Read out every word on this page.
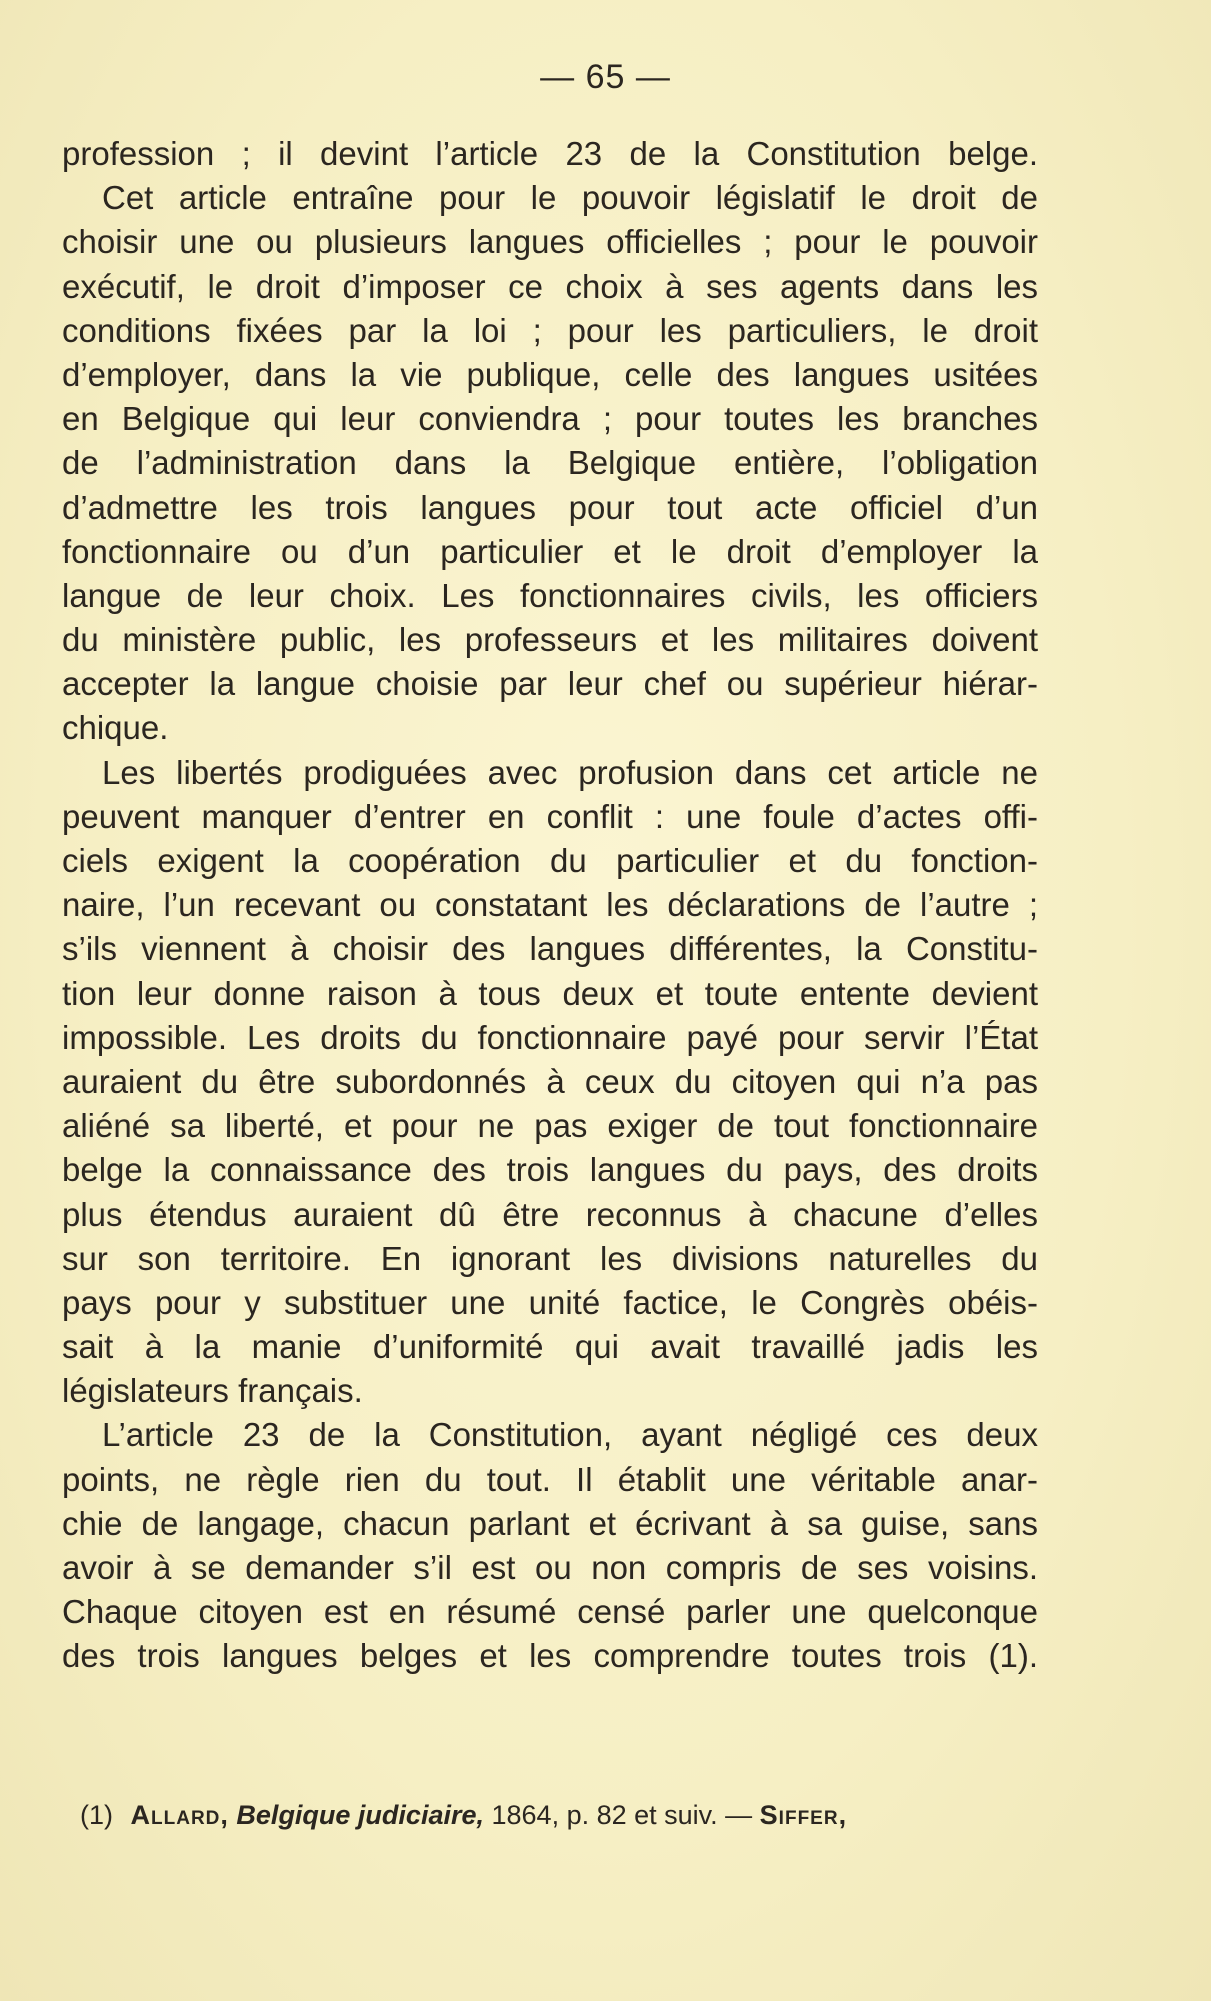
— 65 —
profession ; il devint l’article 23 de la Constitution belge.
Cet article entraîne pour le pouvoir législatif le droit de
choisir une ou plusieurs langues officielles ; pour le pouvoir
exécutif, le droit d’imposer ce choix à ses agents dans les
conditions fixées par la loi ; pour les particuliers, le droit
d’employer, dans la vie publique, celle des langues usitées
en Belgique qui leur conviendra ; pour toutes les branches
de l’administration dans la Belgique entière, l’obligation
d’admettre les trois langues pour tout acte officiel d’un
fonctionnaire ou d’un particulier et le droit d’employer la
langue de leur choix. Les fonctionnaires civils, les officiers
du ministère public, les professeurs et les militaires doivent
accepter la langue choisie par leur chef ou supérieur hiérar-
chique.
Les libertés prodiguées avec profusion dans cet article ne
peuvent manquer d’entrer en conflit : une foule d’actes offi-
ciels exigent la coopération du particulier et du fonction-
naire, l’un recevant ou constatant les déclarations de l’autre ;
s’ils viennent à choisir des langues différentes, la Constitu-
tion leur donne raison à tous deux et toute entente devient
impossible. Les droits du fonctionnaire payé pour servir l’État
auraient du être subordonnés à ceux du citoyen qui n’a pas
aliéné sa liberté, et pour ne pas exiger de tout fonctionnaire
belge la connaissance des trois langues du pays, des droits
plus étendus auraient dû être reconnus à chacune d’elles
sur son territoire. En ignorant les divisions naturelles du
pays pour y substituer une unité factice, le Congrès obéis-
sait à la manie d’uniformité qui avait travaillé jadis les
législateurs français.
L’article 23 de la Constitution, ayant négligé ces deux
points, ne règle rien du tout. Il établit une véritable anar-
chie de langage, chacun parlant et écrivant à sa guise, sans
avoir à se demander s’il est ou non compris de ses voisins.
Chaque citoyen est en résumé censé parler une quelconque
des trois langues belges et les comprendre toutes trois (1).
(1) Allard, Belgique judiciaire, 1864, p. 82 et suiv. — Siffer,
